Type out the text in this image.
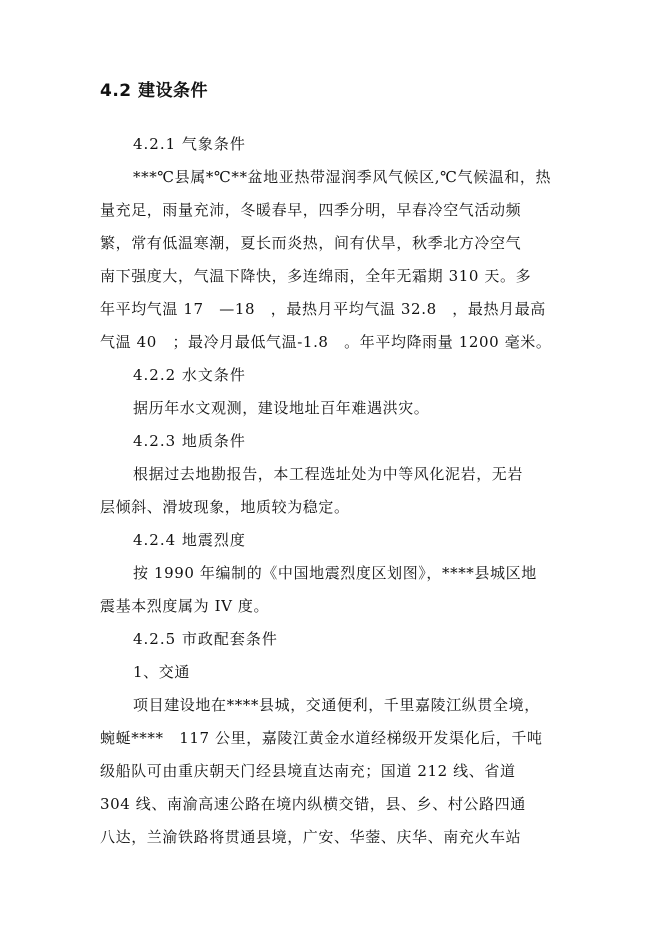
4.2 建设条件
4.2.1 气象条件
***℃县属*℃**盆地亚热带湿润季风气候区,℃气候温和，热
量充足，雨量充沛，冬暖春早，四季分明，早春冷空气活动频
繁，常有低温寒潮，夏长而炎热，间有伏旱，秋季北方冷空气
南下强度大，气温下降快，多连绵雨，全年无霜期 310 天。多
年平均气温 17　—18　，最热月平均气温 32.8　，最热月最高
气温 40　；最冷月最低气温-1.8　。年平均降雨量 1200 毫米。
4.2.2 水文条件
据历年水文观测，建设地址百年难遇洪灾。
4.2.3 地质条件
根据过去地勘报告，本工程选址处为中等风化泥岩，无岩
层倾斜、滑坡现象，地质较为稳定。
4.2.4 地震烈度
按 1990 年编制的《中国地震烈度区划图》，****县城区地
震基本烈度属为 IV 度。
4.2.5 市政配套条件
1、交通
项目建设地在****县城，交通便利，千里嘉陵江纵贯全境，
蜿蜒****　117 公里，嘉陵江黄金水道经梯级开发渠化后，千吨
级船队可由重庆朝天门经县境直达南充；国道 212 线、省道
304 线、南渝高速公路在境内纵横交错，县、乡、村公路四通
八达，兰渝铁路将贯通县境，广安、华蓥、庆华、南充火车站
